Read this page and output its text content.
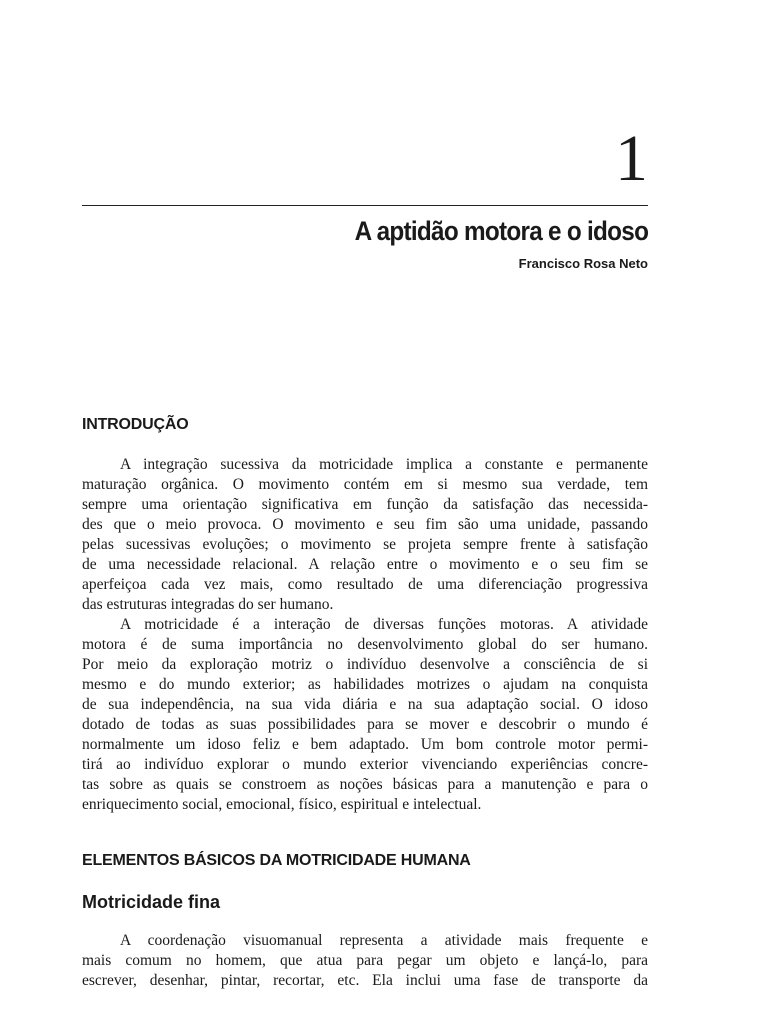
1
A aptidão motora e o idoso
Francisco Rosa Neto
INTRODUÇÃO
A integração sucessiva da motricidade implica a constante e permanente
maturação orgânica. O movimento contém em si mesmo sua verdade, tem
sempre uma orientação significativa em função da satisfação das necessida-
des que o meio provoca. O movimento e seu fim são uma unidade, passando
pelas sucessivas evoluções; o movimento se projeta sempre frente à satisfação
de uma necessidade relacional. A relação entre o movimento e o seu fim se
aperfeiçoa cada vez mais, como resultado de uma diferenciação progressiva
das estruturas integradas do ser humano.
A motricidade é a interação de diversas funções motoras. A atividade
motora é de suma importância no desenvolvimento global do ser humano.
Por meio da exploração motriz o indivíduo desenvolve a consciência de si
mesmo e do mundo exterior; as habilidades motrizes o ajudam na conquista
de sua independência, na sua vida diária e na sua adaptação social. O idoso
dotado de todas as suas possibilidades para se mover e descobrir o mundo é
normalmente um idoso feliz e bem adaptado. Um bom controle motor permi-
tirá ao indivíduo explorar o mundo exterior vivenciando experiências concre-
tas sobre as quais se constroem as noções básicas para a manutenção e para o
enriquecimento social, emocional, físico, espiritual e intelectual.
ELEMENTOS BÁSICOS DA MOTRICIDADE HUMANA
Motricidade fina
A coordenação visuomanual representa a atividade mais frequente e
mais comum no homem, que atua para pegar um objeto e lançá-lo, para
escrever, desenhar, pintar, recortar, etc. Ela inclui uma fase de transporte da
